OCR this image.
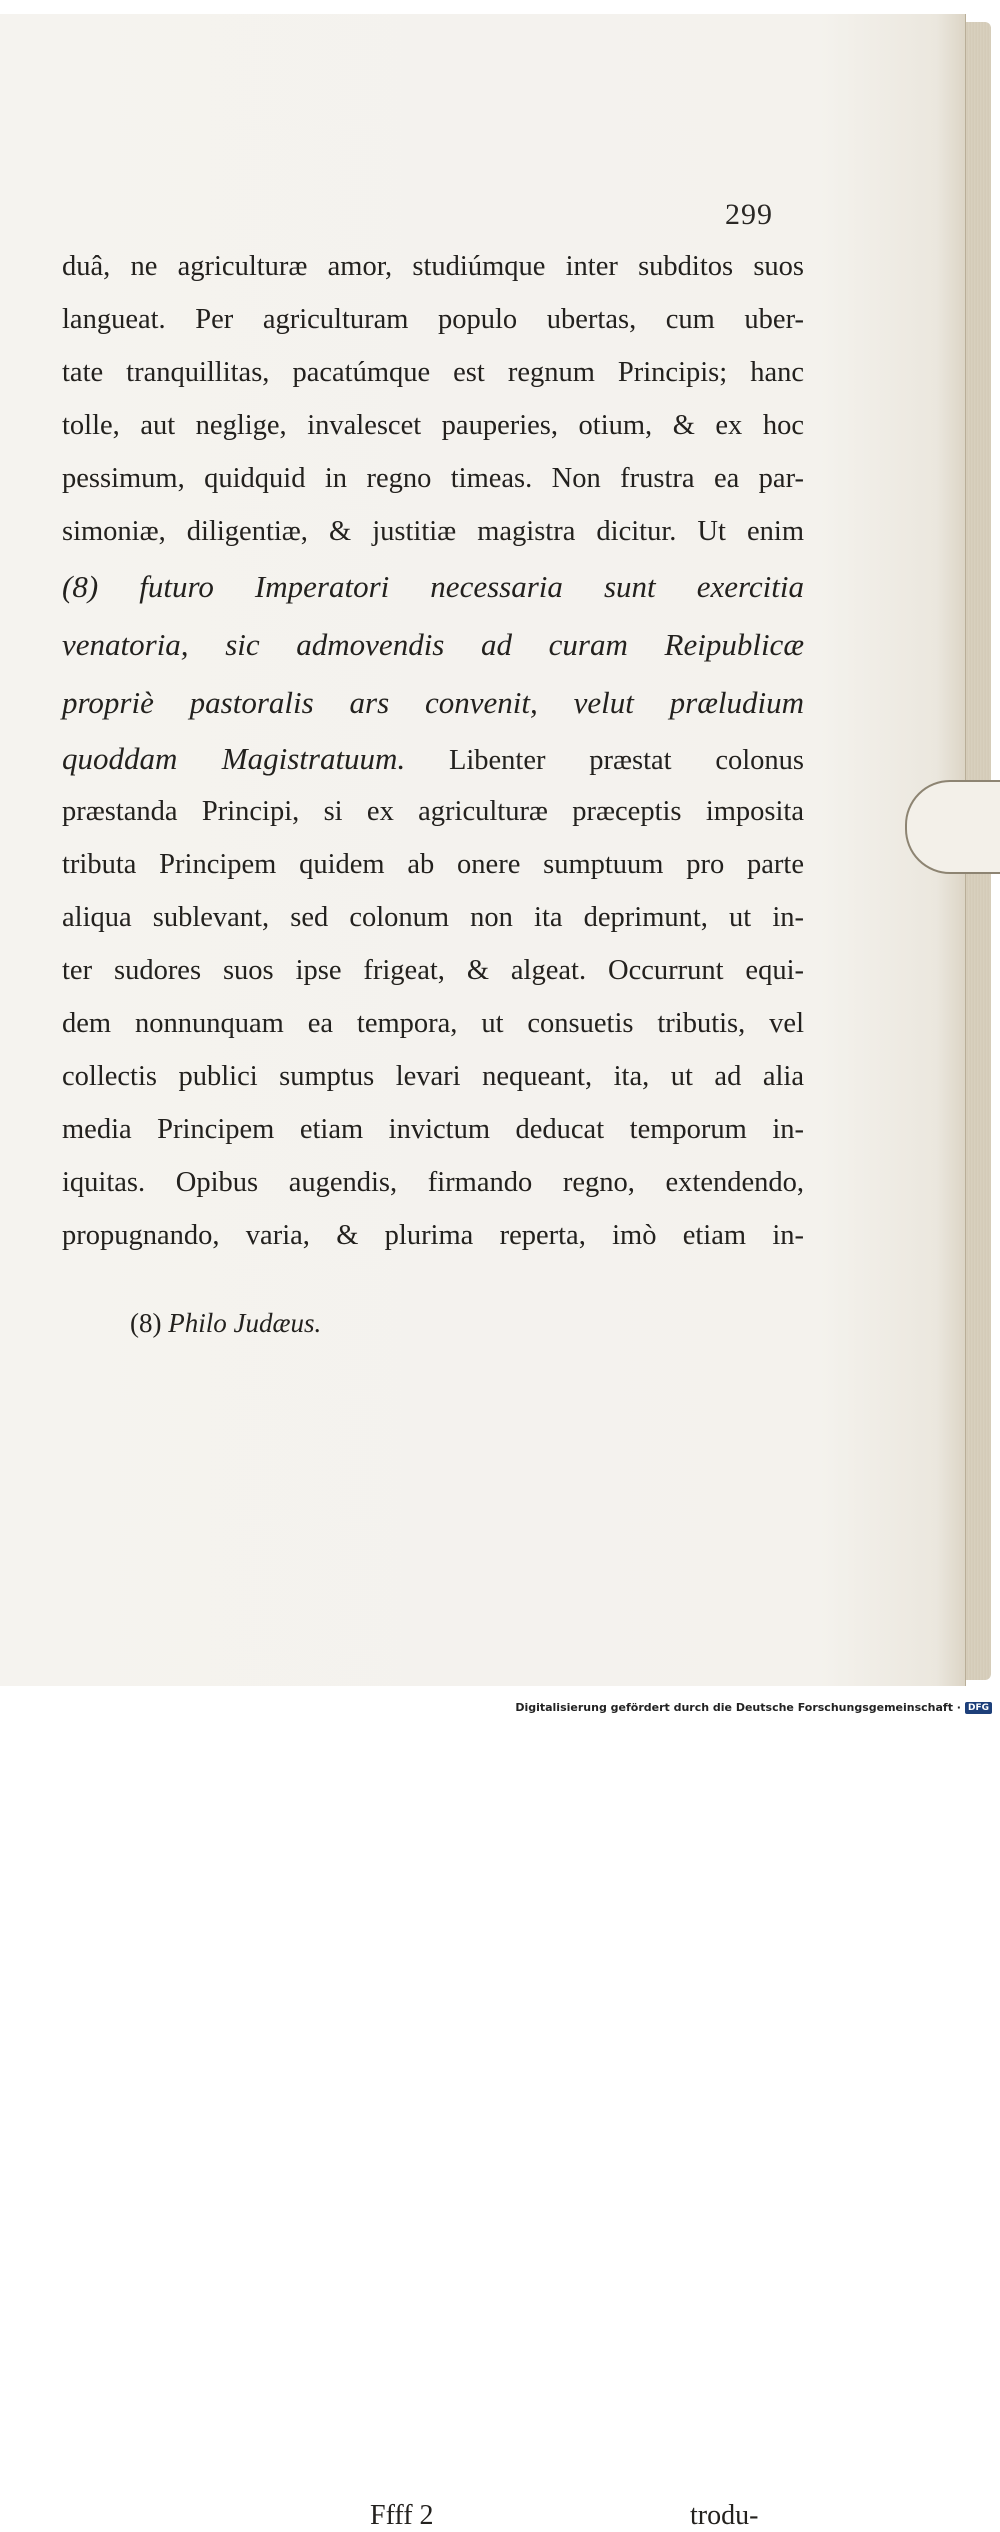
299
duâ, ne agriculturæ amor, studiúmque inter subditos suos
langueat. Per agriculturam populo ubertas, cum uber-
tate tranquillitas, pacatúmque est regnum Principis; hanc
tolle, aut neglige, invalescet pauperies, otium, & ex hoc
pessimum, quidquid in regno timeas. Non frustra ea par-
simoniæ, diligentiæ, & justitiæ magistra dicitur. Ut enim
(8) futuro Imperatori necessaria sunt exercitia
venatoria, sic admovendis ad curam Reipublicæ
propriè pastoralis ars convenit, velut præludium
quoddam Magistratuum. Libenter præstat colonus
præstanda Principi, si ex agriculturæ præceptis imposita
tributa Principem quidem ab onere sumptuum pro parte
aliqua sublevant, sed colonum non ita deprimunt, ut in-
ter sudores suos ipse frigeat, & algeat. Occurrunt equi-
dem nonnunquam ea tempora, ut consuetis tributis, vel
collectis publici sumptus levari nequeant, ita, ut ad alia
media Principem etiam invictum deducat temporum in-
iquitas. Opibus augendis, firmando regno, extendendo,
propugnando, varia, & plurima reperta, imò etiam in-
Ffff 2	trodu-
(8) Philo Judæus.
Digitalisierung gefördert durch die Deutsche Forschungsgemeinschaft · DFG
